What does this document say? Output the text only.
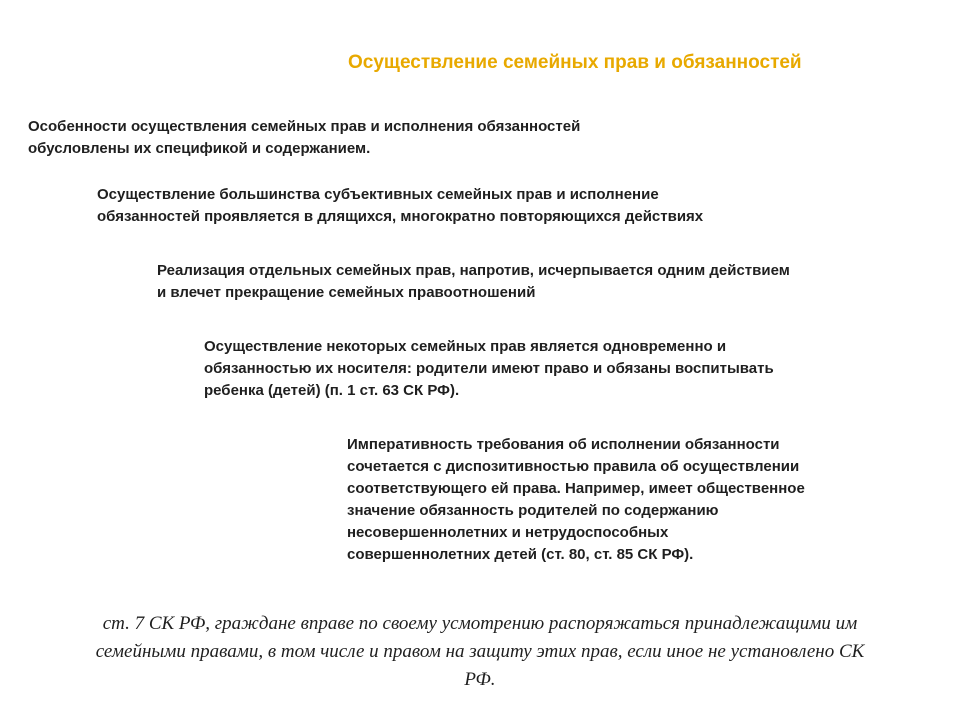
Осуществление семейных прав и обязанностей
Особенности осуществления семейных прав и исполнения обязанностей
обусловлены их спецификой и содержанием.
Осуществление большинства субъективных семейных прав и исполнение
обязанностей проявляется в длящихся, многократно повторяющихся действиях
Реализация отдельных семейных прав, напротив, исчерпывается одним действием
и влечет прекращение семейных правоотношений
Осуществление некоторых семейных прав является одновременно и
обязанностью их носителя: родители имеют право и обязаны воспитывать
ребенка (детей) (п. 1 ст. 63 СК РФ).
Императивность требования об исполнении обязанности
сочетается с диспозитивностью правила об осуществлении
соответствующего ей права. Например, имеет общественное
значение обязанность родителей по содержанию
несовершеннолетних и нетрудоспособных
совершеннолетних детей (ст. 80, ст. 85 СК РФ).
ст. 7 СК РФ, граждане вправе по своему усмотрению распоряжаться принадлежащими им
семейными правами, в том числе и правом на защиту этих прав, если иное не установлено СК
РФ.
